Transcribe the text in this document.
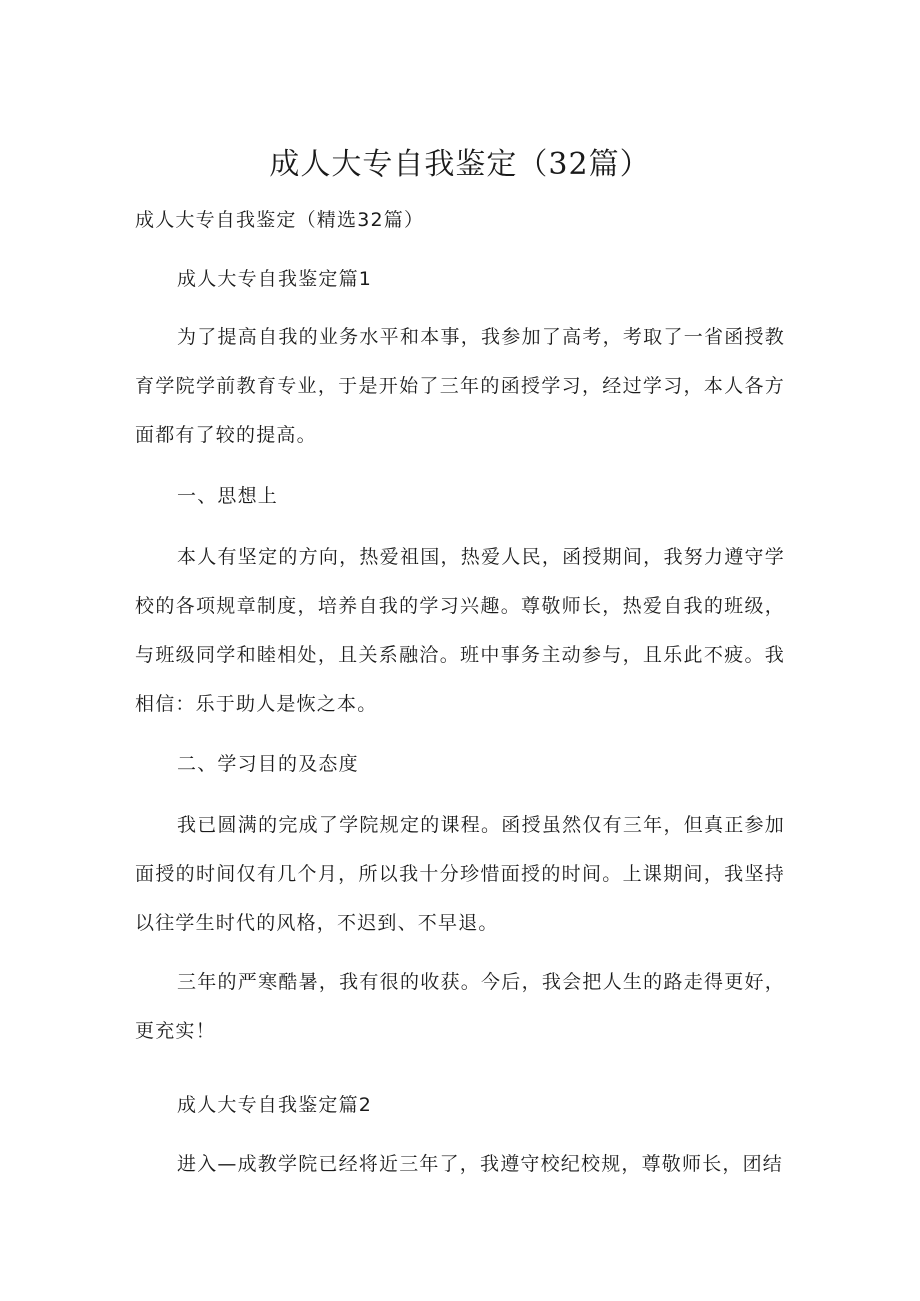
成人大专自我鉴定（32篇）

成人大专自我鉴定（精选32篇）

成人大专自我鉴定篇1

为了提高自我的业务水平和本事，我参加了高考，考取了一省函授教育学院学前教育专业，于是开始了三年的函授学习，经过学习，本人各方面都有了较的提高。

一、思想上

本人有坚定的方向，热爱祖国，热爱人民，函授期间，我努力遵守学校的各项规章制度，培养自我的学习兴趣。尊敬师长，热爱自我的班级，与班级同学和睦相处，且关系融洽。班中事务主动参与，且乐此不疲。我相信：乐于助人是恢之本。

二、学习目的及态度

我已圆满的完成了学院规定的课程。函授虽然仅有三年，但真正参加面授的时间仅有几个月，所以我十分珍惜面授的时间。上课期间，我坚持以往学生时代的风格，不迟到、不早退。

三年的严寒酷暑，我有很的收获。今后，我会把人生的路走得更好，更充实！

成人大专自我鉴定篇2

进入—成教学院已经将近三年了，我遵守校纪校规，尊敬师长，团结
